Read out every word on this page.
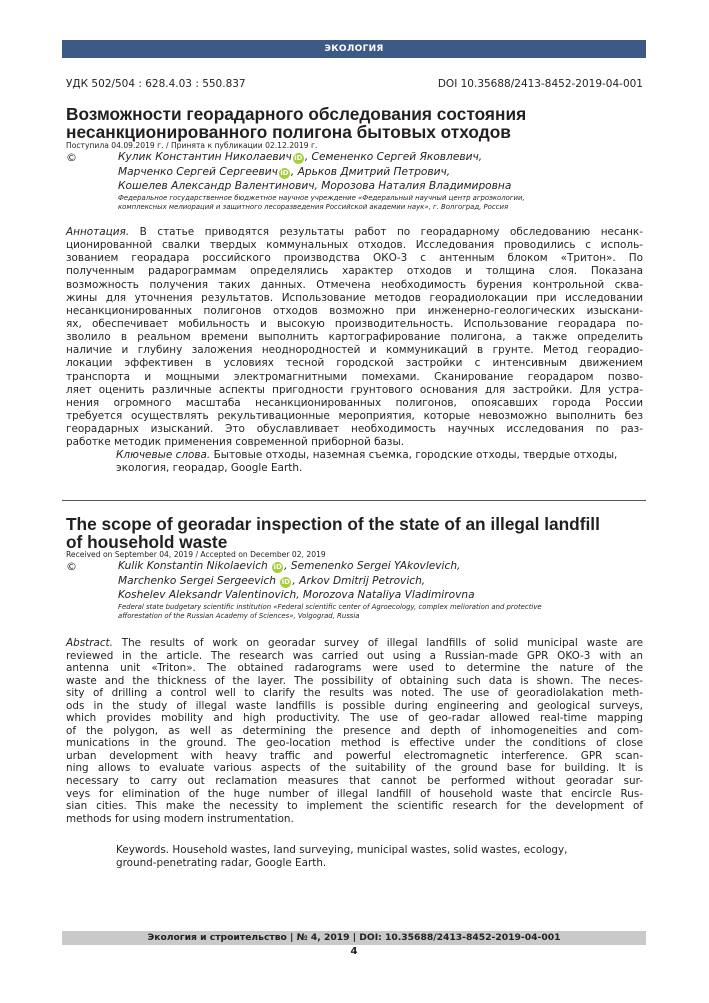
ЭКОЛОГИЯ
УДК 502/504 : 628.4.03 : 550.837	DOI 10.35688/2413-8452-2019-04-001
Возможности георадарного обследования состояния
несанкционированного полигона бытовых отходов
Поступила 04.09.2019 г. / Принята к публикации 02.12.2019 г.
©	Кулик Константин Николаевич iD , Семененко Сергей Яковлевич,
Марченко Сергей Сергеевич iD , Арьков Дмитрий Петрович,
Кошелев Александр Валентинович, Морозова Наталия Владимировна
Федеральное государственное бюджетное научное учреждение «Федеральный научный центр агроэкологии,
комплексных мелиораций и защитного лесоразведения Российской академии наук», г. Волгоград, Россия
Аннотация. В статье приводятся результаты работ по георадарному обследованию несанк-
ционированной свалки твердых коммунальных отходов. Исследования проводились с исполь-
зованием георадара российского производства ОКО-3 с антенным блоком «Тритон». По
полученным радарограммам определялись характер отходов и толщина слоя. Показана
возможность получения таких данных. Отмечена необходимость бурения контрольной сква-
жины для уточнения результатов. Использование методов георадиолокации при исследовании
несанкционированных полигонов отходов возможно при инженерно-геологических изыскани-
ях, обеспечивает мобильность и высокую производительность. Использование георадара по-
зволило в реальном времени выполнить картографирование полигона, а также определить
наличие и глубину заложения неоднородностей и коммуникаций в грунте. Метод георадио-
локации эффективен в условиях тесной городской застройки с интенсивным движением
транспорта и мощными электромагнитными помехами. Сканирование георадаром позво-
ляет оценить различные аспекты пригодности грунтового основания для застройки. Для устра-
нения огромного масштаба несанкционированных полигонов, опоясавших города России
требуется осуществлять рекультивационные мероприятия, которые невозможно выполнить без
георадарных изысканий. Это обуславливает необходимость научных исследования по раз-
работке методик применения современной приборной базы.
Ключевые слова. Бытовые отходы, наземная съемка, городские отходы, твердые отходы,
экология, георадар, Google Earth.
The scope of georadar inspection of the state of an illegal landfill
of household waste
Received on September 04, 2019 / Accepted on December 02, 2019
©	Kulik Konstantin Nikolaevich iD , Semenenko Sergei YAkovlevich,
Marchenko Sergei Sergeevich iD , Arkov Dmitrij Petrovich,
Koshelev Aleksandr Valentinovich, Morozova Nataliya Vladimirovna
Federal state budgetary scientific institution «Federal scientific center of Agroecology, complex melioration and protective
afforestation of the Russian Academy of Sciences», Volgograd, Russia
Abstract. The results of work on georadar survey of illegal landfills of solid municipal waste are
reviewed in the article. The research was carried out using a Russian-made GPR OKO-3 with an
antenna unit «Triton». The obtained radarograms were used to determine the nature of the
waste and the thickness of the layer. The possibility of obtaining such data is shown. The neces-
sity of drilling a control well to clarify the results was noted. The use of georadiolakation meth-
ods in the study of illegal waste landfills is possible during engineering and geological surveys,
which provides mobility and high productivity. The use of geo-radar allowed real-time mapping
of the polygon, as well as determining the presence and depth of inhomogeneities and com-
munications in the ground. The geo-location method is effective under the conditions of close
urban development with heavy traffic and powerful electromagnetic interference. GPR scan-
ning allows to evaluate various aspects of the suitability of the ground base for building. It is
necessary to carry out reclamation measures that cannot be performed without georadar sur-
veys for elimination of the huge number of illegal landfill of household waste that encircle Rus-
sian cities. This make the necessity to implement the scientific research for the development of
methods for using modern instrumentation.
Keywords. Household wastes, land surveying, municipal wastes, solid wastes, ecology,
ground-penetrating radar, Google Earth.
Экология и строительство | № 4, 2019 | DOI: 10.35688/2413-8452-2019-04-001
4
